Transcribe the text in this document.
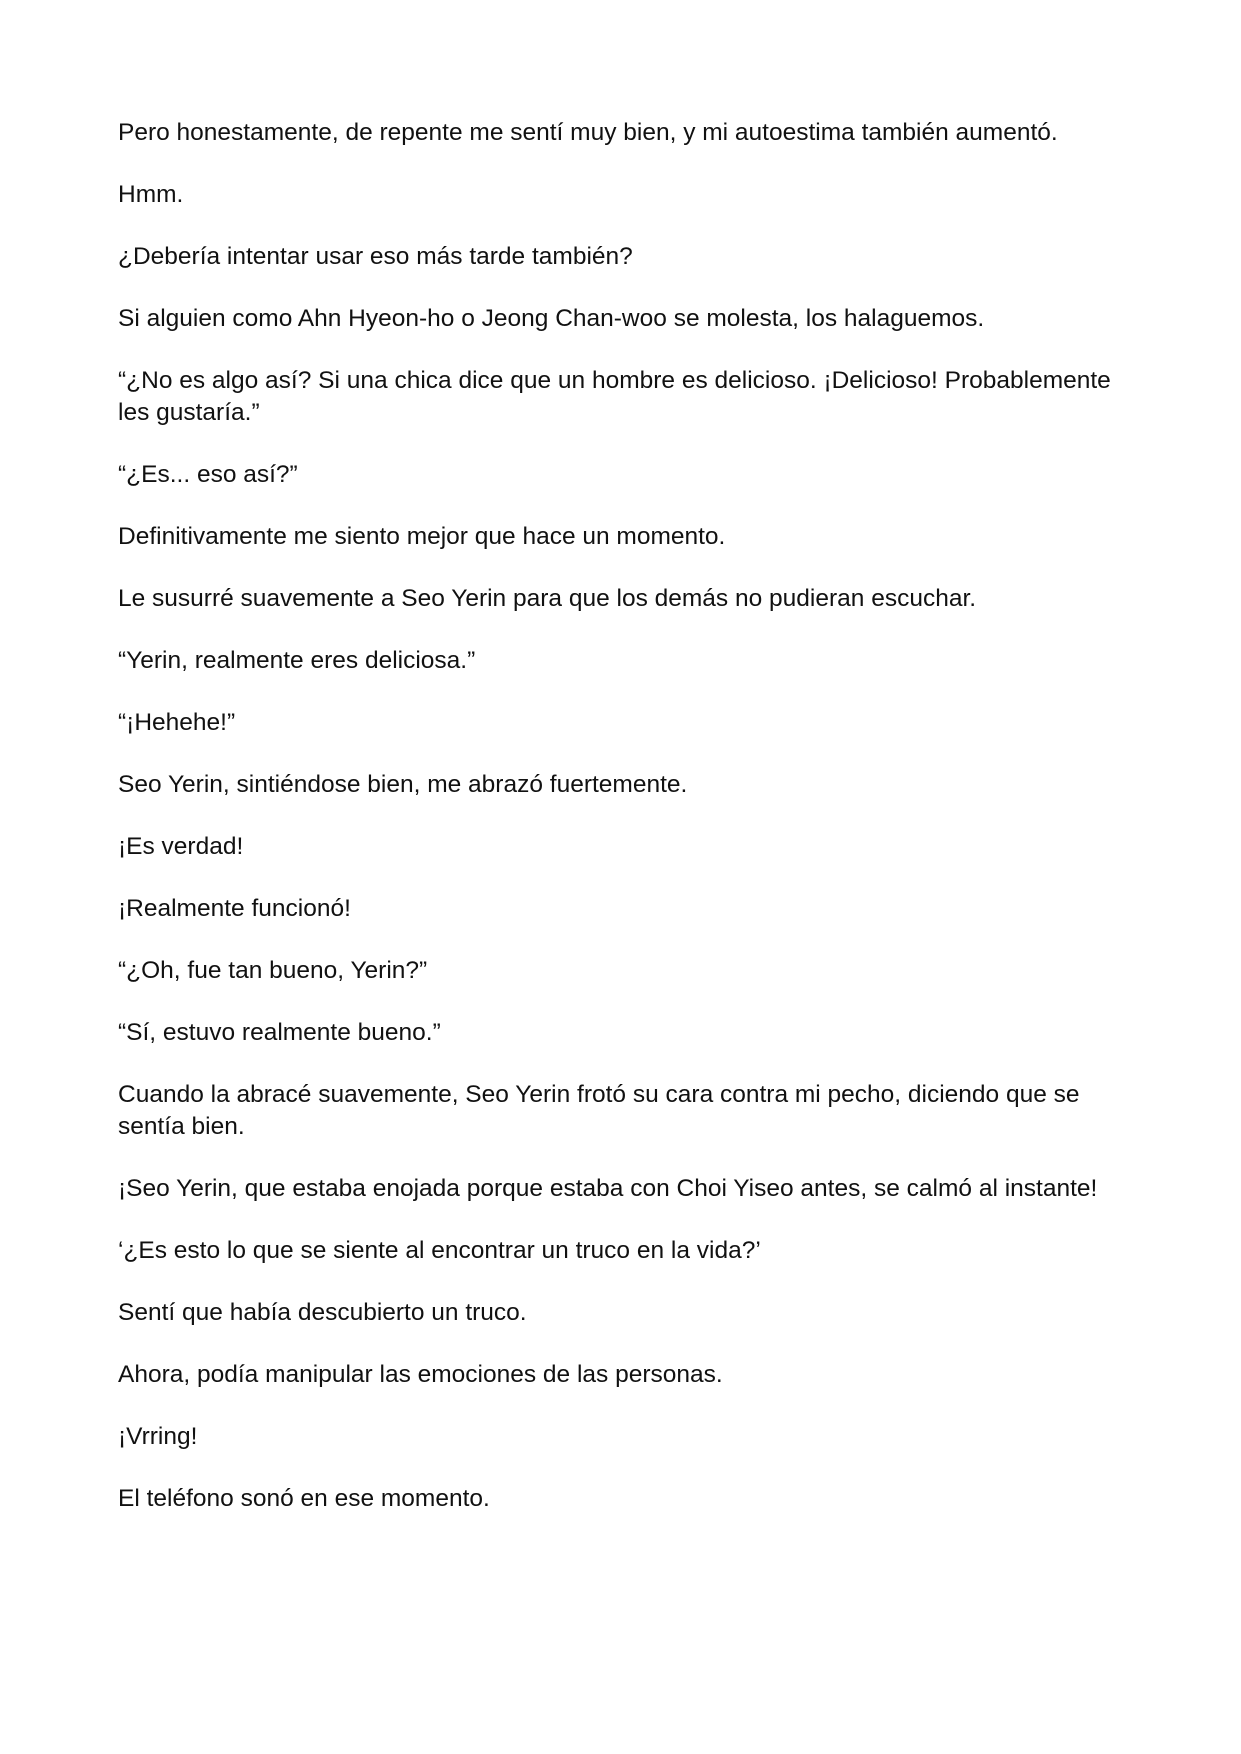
Pero honestamente, de repente me sentí muy bien, y mi autoestima también aumentó.

Hmm.

¿Debería intentar usar eso más tarde también?

Si alguien como Ahn Hyeon-ho o Jeong Chan-woo se molesta, los halaguemos.

“¿No es algo así? Si una chica dice que un hombre es delicioso. ¡Delicioso! Probablemente les gustaría.”

“¿Es... eso así?”

Definitivamente me siento mejor que hace un momento.

Le susurré suavemente a Seo Yerin para que los demás no pudieran escuchar.

“Yerin, realmente eres deliciosa.”

“¡Hehehe!”

Seo Yerin, sintiéndose bien, me abrazó fuertemente.

¡Es verdad!

¡Realmente funcionó!

“¿Oh, fue tan bueno, Yerin?”

“Sí, estuvo realmente bueno.”

Cuando la abracé suavemente, Seo Yerin frotó su cara contra mi pecho, diciendo que se sentía bien.

¡Seo Yerin, que estaba enojada porque estaba con Choi Yiseo antes, se calmó al instante!

‘¿Es esto lo que se siente al encontrar un truco en la vida?’

Sentí que había descubierto un truco.

Ahora, podía manipular las emociones de las personas.

¡Vrring!

El teléfono sonó en ese momento.
